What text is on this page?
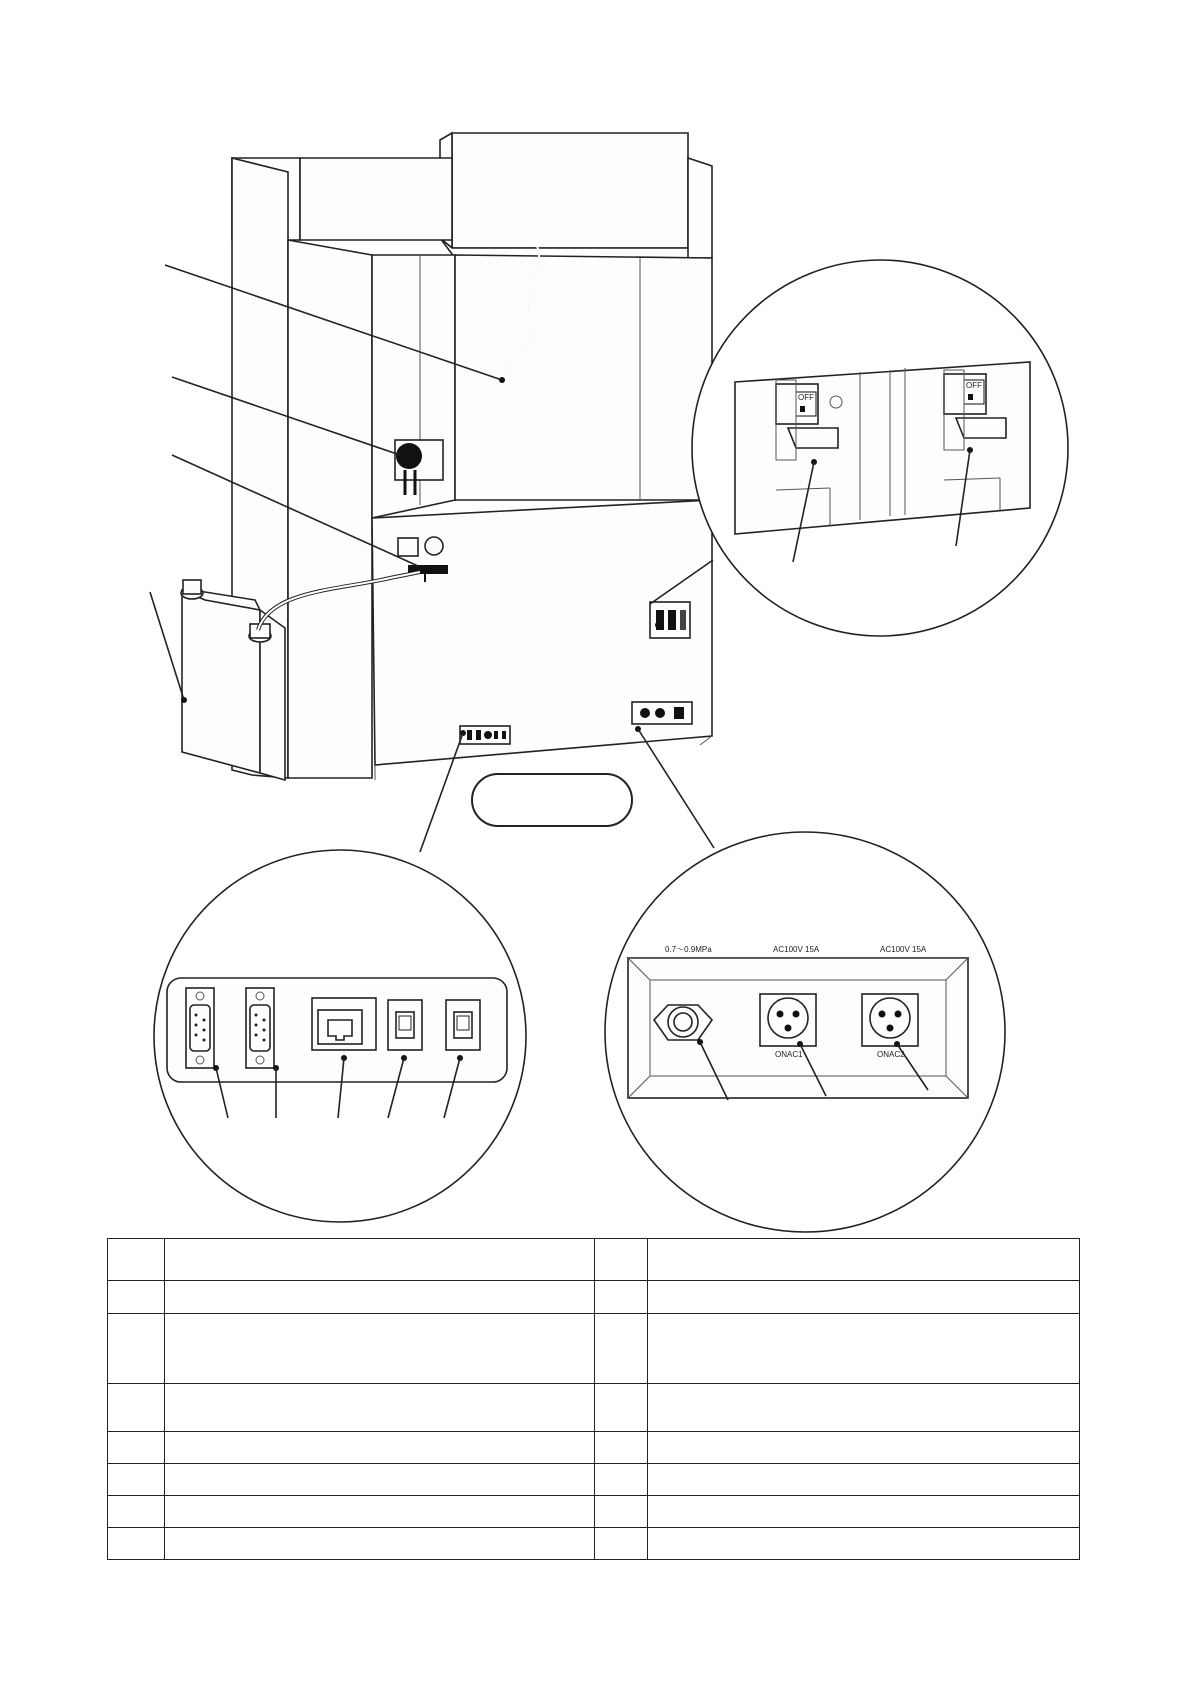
OFF
OFF
0.7～0.9MPa	AC100V 15A	AC100V 15A
ONAC1	ONAC2
